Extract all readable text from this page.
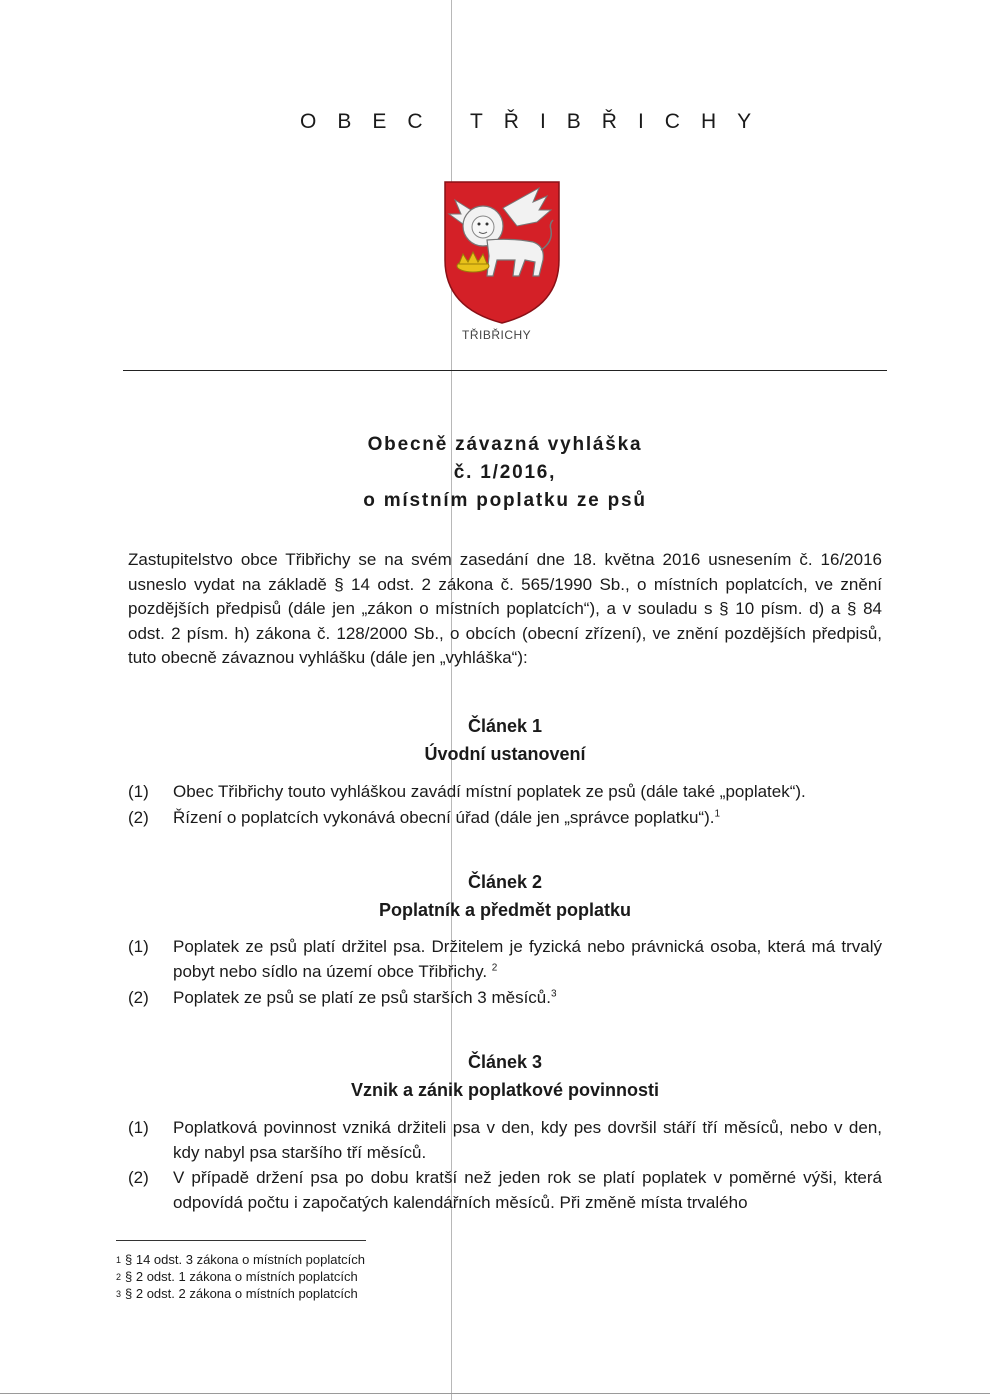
OBEC TŘIBŘICHY
TŘIBŘICHY
Obecně závazná vyhláška
č. 1/2016,
o místním poplatku ze psů
Zastupitelstvo obce Třibřichy se na svém zasedání dne 18. května 2016 usnesením č. 16/2016 usneslo vydat na základě § 14 odst. 2 zákona č. 565/1990 Sb., o místních poplatcích, ve znění pozdějších předpisů (dále jen „zákon o místních poplatcích“), a v souladu s § 10 písm. d) a § 84 odst. 2 písm. h) zákona č. 128/2000 Sb., o obcích (obecní zřízení), ve znění pozdějších předpisů, tuto obecně závaznou vyhlášku (dále jen „vyhláška“):
Článek 1
Úvodní ustanovení
(1)	Obec Třibřichy touto vyhláškou zavádí místní poplatek ze psů (dále také „poplatek“).
(2)	Řízení o poplatcích vykonává obecní úřad (dále jen „správce poplatku“).$^1$
Článek 2
Poplatník a předmět poplatku
(1)	Poplatek ze psů platí držitel psa. Držitelem je fyzická nebo právnická osoba, která má trvalý pobyt nebo sídlo na území obce Třibřichy. $^2$
(2)	Poplatek ze psů se platí ze psů starších 3 měsíců.$^3$
Článek 3
Vznik a zánik poplatkové povinnosti
(1)	Poplatková povinnost vzniká držiteli psa v den, kdy pes dovršil stáří tří měsíců, nebo v den, kdy nabyl psa staršího tří měsíců.
(2)	V případě držení psa po dobu kratší než jeden rok se platí poplatek v poměrné výši, která odpovídá počtu i započatých kalendářních měsíců. Při změně místa trvalého
$^1$ § 14 odst. 3 zákona o místních poplatcích
$^2$ § 2 odst. 1 zákona o místních poplatcích
$^3$ § 2 odst. 2 zákona o místních poplatcích
